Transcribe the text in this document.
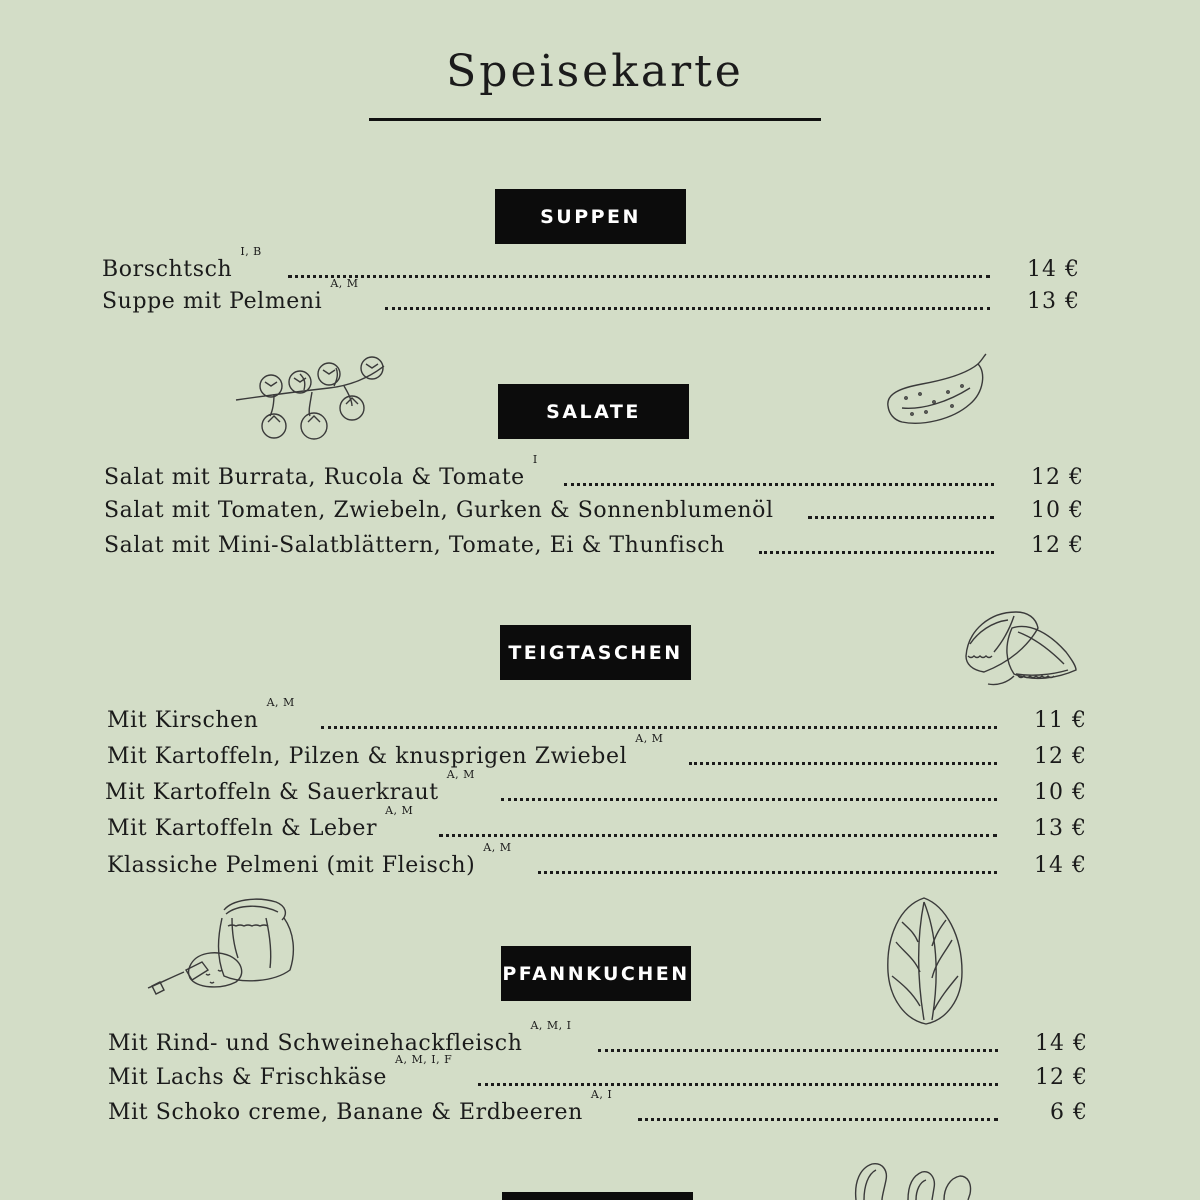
Speisekarte
SUPPEN
Borschtsch
I, B
14 €
Suppe mit Pelmeni
A, M
13 €
SALATE
Salat mit Burrata, Rucola & Tomate
I
12 €
Salat mit Tomaten, Zwiebeln, Gurken & Sonnenblumenöl	10 €
Salat mit Mini-Salatblättern, Tomate, Ei & Thunfisch	12 €
TEIGTASCHEN
Mit Kirschen
A, M
11 €
Mit Kartoffeln, Pilzen & knusprigen Zwiebel
A, M
12 €
Mit Kartoffeln & Sauerkraut
A, M
10 €
Mit Kartoffeln & Leber
A, M
13 €
Klassiche Pelmeni (mit Fleisch)
A, M
14 €
PFANNKUCHEN
Mit Rind- und Schweinehackfleisch
A, M, I
14 €
Mit Lachs & Frischkäse
A, M, I, F
12 €
Mit Schoko creme, Banane & Erdbeeren
A, I
6 €
